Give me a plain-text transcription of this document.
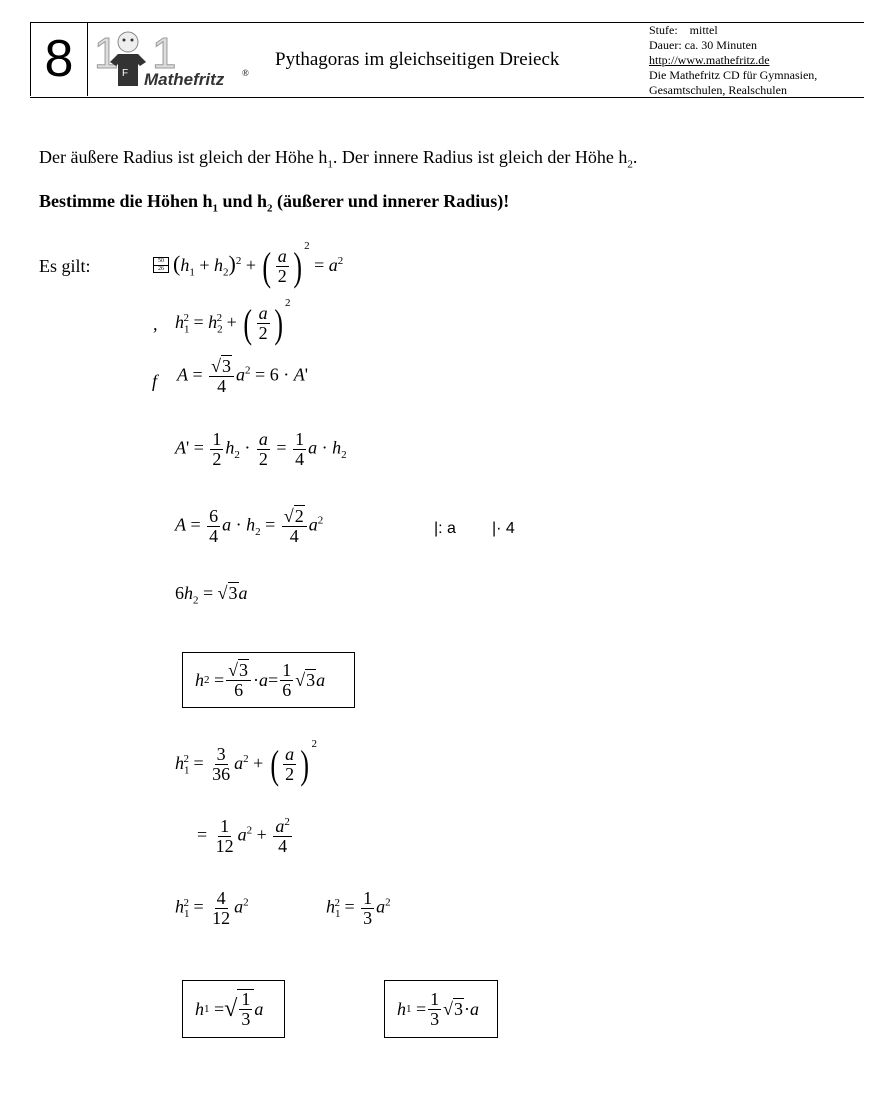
8 1 1
F Mathefritz ®
Pythagoras im gleichseitigen Dreieck
Stufe:    mittel
Dauer: ca. 30 Minuten
http://www.mathefritz.de
Die Mathefritz CD für Gymnasien,
Gesamtschulen, Realschulen
Der äußere Radius ist gleich der Höhe $h_1$. Der innere Radius ist gleich der Höhe $h_2$.
Bestimme die Höhen $h_1$ und $h_2$ (äußerer und innerer Radius)!
Es gilt:	50
26
,
f
$(h_1 + h_2)^2$ + ( $\frac{a}{2}$ ) $^2 = a^2$
$h_1^2 = h_2^2$ + ( $\frac{a}{2}$ ) $^2$
$A = \frac{√3}{4} a^2 = 6 \cdot A'$
$A' = \frac{1}{2} h_2 \cdot \frac{a}{2} = \frac{1}{4}$ $a \cdot h_2$
$A = \frac{6}{4}$ $a \cdot h_2 = \frac{√2}{4} a^2$	|: a |· 4
$6h_2 = √3a$
h $2 = \frac{√3}{6} \cdot a = \frac{1}{6}$ √ 3 a
$h_1^2 = \frac{3}{36} a^2$ + ( $\frac{a}{2}$ ) $^2$
= $\frac{1}{12} a^2 + \frac{a^2}{4}$
$h_1^2 = \frac{4}{12} a^2$	$h_1^2 = \frac{1}{3} a^2$
h 1 = √ $\frac{1}{3}$ a	h $1 = \frac{1}{3}$ √ 3 · a
